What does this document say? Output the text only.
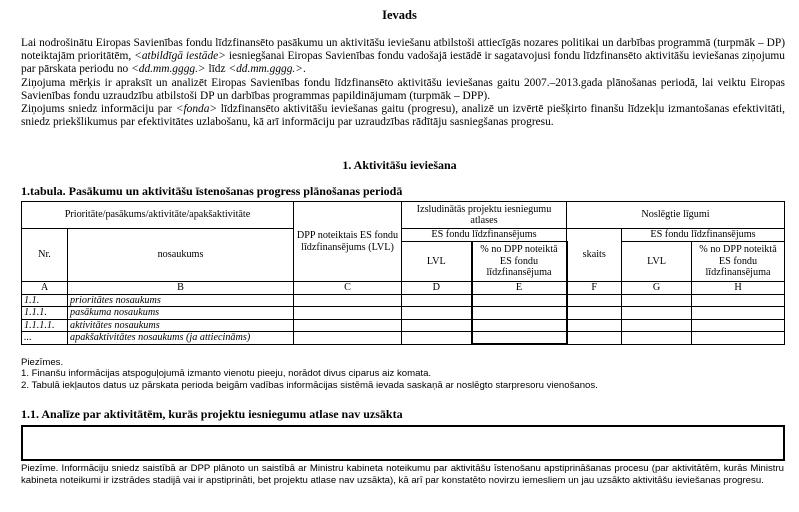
Ievads

Lai nodrošinātu Eiropas Savienības fondu līdzfinansēto pasākumu un aktivitāšu ieviešanu atbilstoši attiecīgās nozares politikai un darbības programmā (turpmāk – DP) noteiktajām prioritātēm, <atbildīgā iestāde> iesniegšanai Eiropas Savienības fondu vadošajā iestādē ir sagatavojusi fondu līdzfinansēto aktivitāšu ieviešanas ziņojumu par pārskata periodu no <dd.mm.gggg.> līdz <dd.mm.gggg.>.

Ziņojuma mērķis ir apraksīt un analizēt Eiropas Savienības fondu līdzfinansēto aktivitāšu ieviešanas gaitu 2007.–2013.gada plānošanas periodā, lai veiktu Eiropas Savienības fondu uzraudzību atbilstoši DP un darbības programmas papildinājumam (turpmāk – DPP).

Ziņojums sniedz informāciju par <fonda> līdzfinansēto aktivitāšu ieviešanas gaitu (progresu), analizē un izvērtē piešķirto finanšu līdzekļu izmantošanas efektivitāti, sniedz priekšlikumus par efektivitātes uzlabošanu, kā arī informāciju par uzraudzības rādītāju sasniegšanas progresu.

1. Aktivitāšu ieviešana
1.tabula. Pasākumu un aktivitāšu īstenošanas progress plānošanas periodā
Prioritāte/pasākums/aktivitāte/apakšaktivitāte		DPP noteiktais ES fondu līdzfinansējums (LVL)	Izsludinātās projektu iesniegumu atlases		Noslēgtie līgumi		
Nr.	nosaukums		ES fondu līdzfinansējums		skaits	ES fondu līdzfinansējums	
			LVL	% no DPP noteiktā ES fondu līdzfinansējuma		LVL	% no DPP noteiktā ES fondu līdzfinansējuma
A	B	C	D	E	F	G	H
1.1.	prioritātes nosaukums						
1.1.1.	pasākuma nosaukums						
1.1.1.1.	aktivitātes nosaukums						
...	apakšaktivitātes nosaukums (ja attiecināms)						

Piezīmes.

1. Finanšu informācijas atspoguļojumā izmanto vienotu pieeju, norādot divus ciparus aiz komata.

2. Tabulā iekļautos datus uz pārskata perioda beigām vadības informācijas sistēmā ievada saskaņā ar noslēgto starpresoru vienošanos.

1.1. Analīze par aktivitātēm, kurās projektu iesniegumu atlase nav uzsākta

Piezīme. Informāciju sniedz saistībā ar DPP plānoto un saistībā ar Ministru kabineta noteikumu par aktivitāšu īstenošanu apstiprināšanas procesu (par aktivitātēm, kurās Ministru kabineta noteikumi ir izstrādes stadijā vai ir apstiprināti, bet projektu atlase nav uzsākta), kā arī par konstatēto novirzu iemesliem un jau uzsākto aktivitāšu ieviešanas progresu.
